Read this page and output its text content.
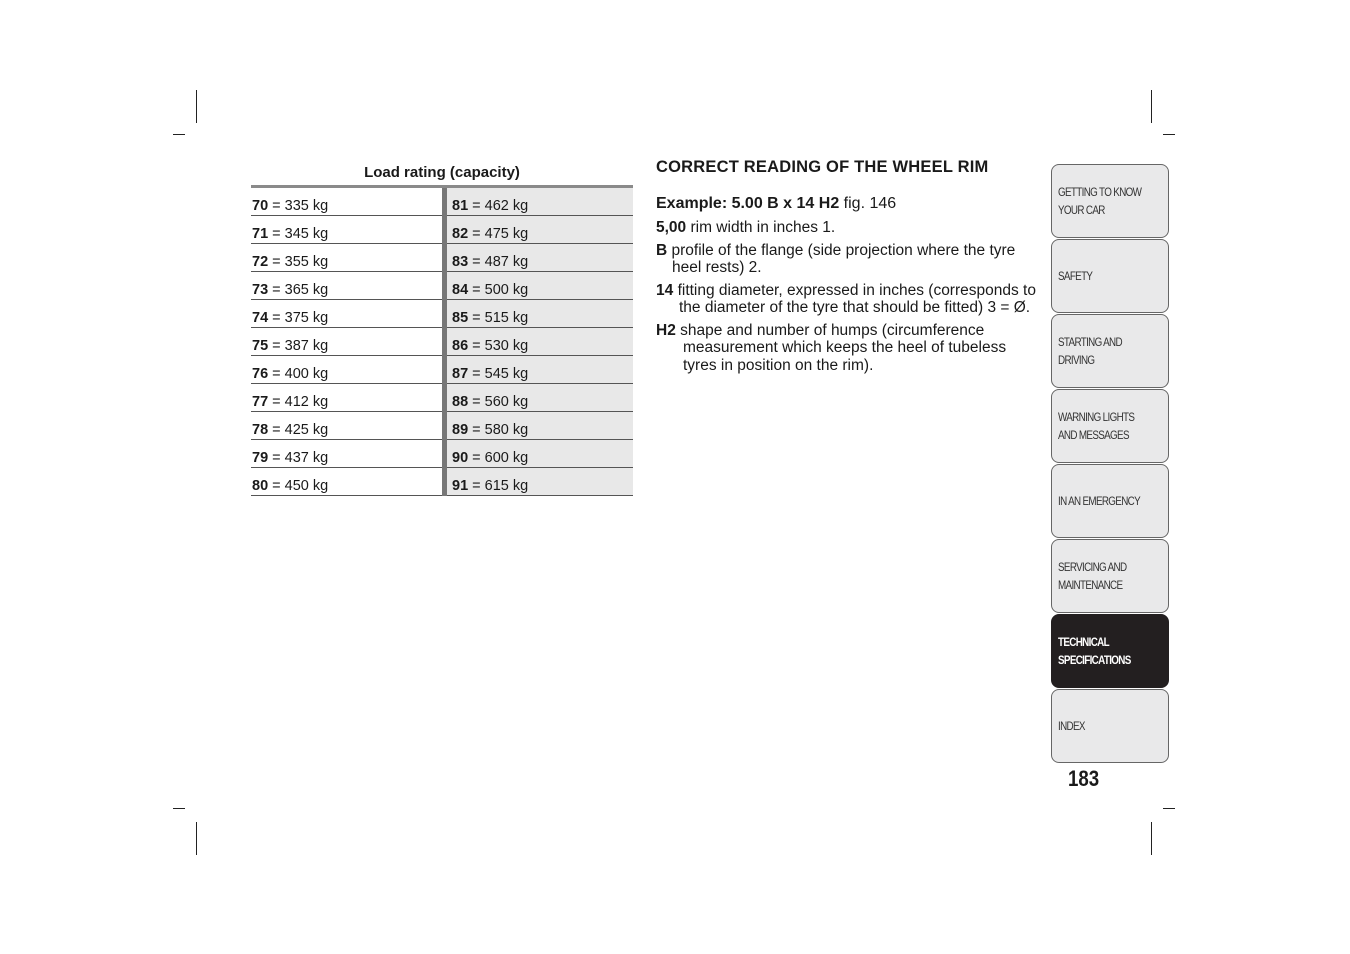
Load rating (capacity)
70 = 335 kg		81 = 462 kg
71 = 345 kg		82 = 475 kg
72 = 355 kg		83 = 487 kg
73 = 365 kg		84 = 500 kg
74 = 375 kg		85 = 515 kg
75 = 387 kg		86 = 530 kg
76 = 400 kg		87 = 545 kg
77 = 412 kg		88 = 560 kg
78 = 425 kg		89 = 580 kg
79 = 437 kg		90 = 600 kg
80 = 450 kg		91 = 615 kg
CORRECT READING OF THE WHEEL RIM
Example: 5.00 B x 14 H2 fig. 146
5,00 rim width in inches 1.
B profile of the flange (side projection where the tyre heel rests) 2.
14 fitting diameter, expressed in inches (corresponds to the diameter of the tyre that should be fitted) 3 = Ø.
H2 shape and number of humps (circumference measurement which keeps the heel of tubeless tyres in position on the rim).
GETTING TO KNOW
YOUR CAR
SAFETY
STARTING AND
DRIVING
WARNING LIGHTS
AND MESSAGES
IN AN EMERGENCY
SERVICING AND
MAINTENANCE
TECHNICAL
SPECIFICATIONS
INDEX
183
